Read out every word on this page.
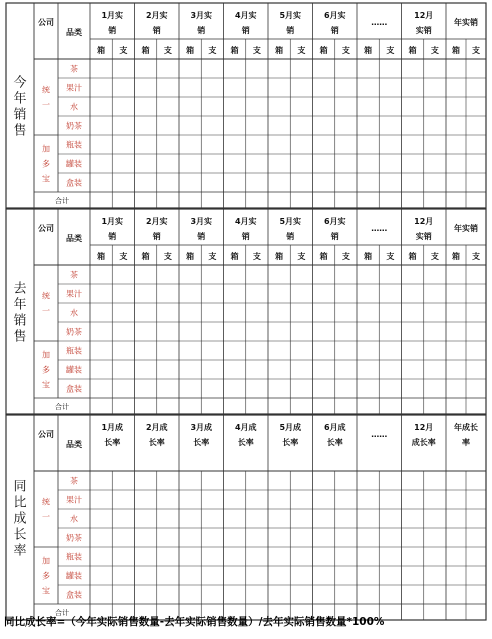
今
年
销
售
公司
品类
1月实
销
箱 支
2月实
销
箱 支
3月实
销
箱 支
4月实
销
箱 支
5月实
销
箱 支
6月实
销
箱 支
……
箱 支
12月
实销
箱 支
年实销
箱 支
统
一
加
多
宝
茶
果汁
水
奶茶
瓶装
罐装
盒装
合计
去
年
销
售
公司
品类
1月实
销
箱 支
2月实
销
箱 支
3月实
销
箱 支
4月实
销
箱 支
5月实
销
箱 支
6月实
销
箱 支
……
箱 支
12月
实销
箱 支
年实销
箱 支
统
一
加
多
宝
茶
果汁
水
奶茶
瓶装
罐装
盒装
合计
同
比
成
长
率
公司
品类
1月成
长率
2月成
长率
3月成
长率
4月成
长率
5月成
长率
6月成
长率
……
12月
成长率
年成长
率
统
一
加
多
宝
茶
果汁
水
奶茶
瓶装
罐装
盒装
合计
同比成长率=（今年实际销售数量-去年实际销售数量）/去年实际销售数量*100%
